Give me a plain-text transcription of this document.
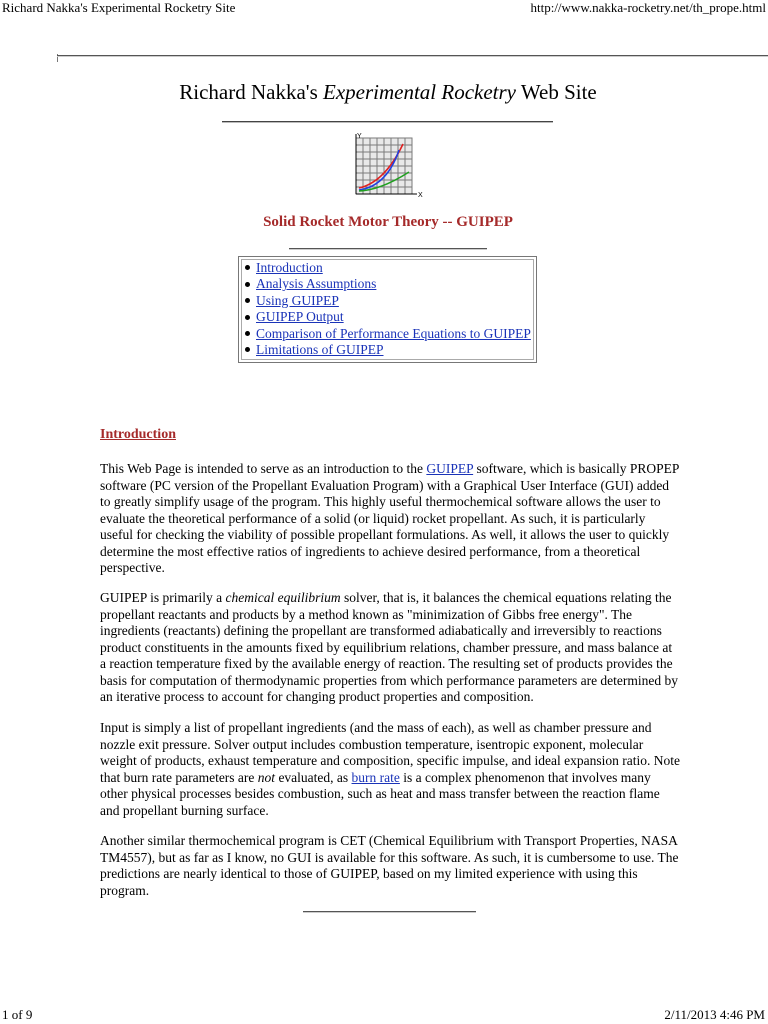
Richard Nakka's Experimental Rocketry Site	http://www.nakka-rocketry.net/th_prope.html
Richard Nakka's Experimental Rocketry Web Site
Y
X
Solid Rocket Motor Theory -- GUIPEP
Introduction
Analysis Assumptions
Using GUIPEP
GUIPEP Output
Comparison of Performance Equations to GUIPEP
Limitations of GUIPEP
Introduction

This Web Page is intended to serve as an introduction to the GUIPEP software, which is basically PROPEP software (PC version of the Propellant Evaluation Program) with a Graphical User Interface (GUI) added to greatly simplify usage of the program. This highly useful thermochemical software allows the user to evaluate the theoretical performance of a solid (or liquid) rocket propellant. As such, it is particularly useful for checking the viability of possible propellant formulations. As well, it allows the user to quickly determine the most effective ratios of ingredients to achieve desired performance, from a theoretical perspective.

GUIPEP is primarily a chemical equilibrium solver, that is, it balances the chemical equations relating the propellant reactants and products by a method known as "minimization of Gibbs free energy". The ingredients (reactants) defining the propellant are transformed adiabatically and irreversibly to reactions product constituents in the amounts fixed by equilibrium relations, chamber pressure, and mass balance at a reaction temperature fixed by the available energy of reaction. The resulting set of products provides the basis for computation of thermodynamic properties from which performance parameters are determined by an iterative process to account for changing product properties and composition.

Input is simply a list of propellant ingredients (and the mass of each), as well as chamber pressure and nozzle exit pressure. Solver output includes combustion temperature, isentropic exponent, molecular weight of products, exhaust temperature and composition, specific impulse, and ideal expansion ratio. Note that burn rate parameters are not evaluated, as burn rate is a complex phenomenon that involves many other physical processes besides combustion, such as heat and mass transfer between the reaction flame and propellant burning surface.

Another similar thermochemical program is CET (Chemical Equilibrium with Transport Properties, NASA TM4557), but as far as I know, no GUI is available for this software. As such, it is cumbersome to use. The predictions are nearly identical to those of GUIPEP, based on my limited experience with using this program.

1 of 9	2/11/2013 4:46 PM
